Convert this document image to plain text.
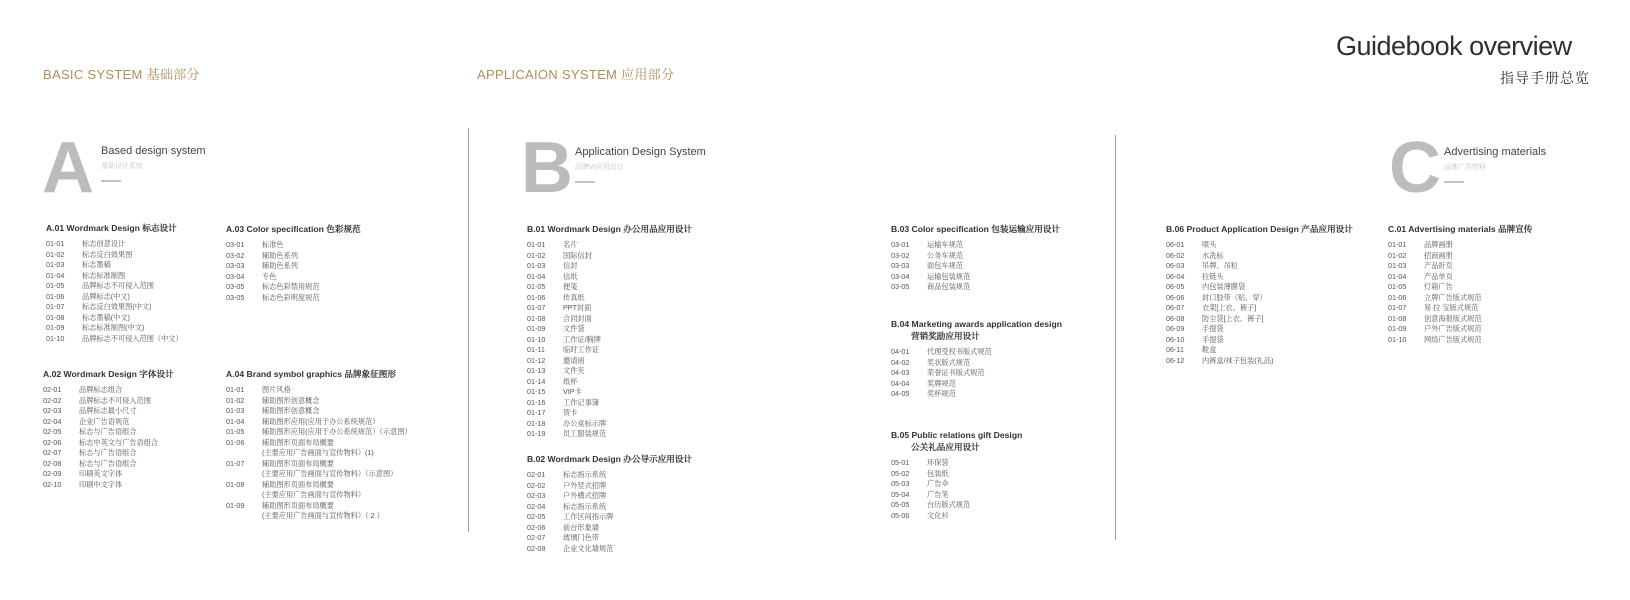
BASIC SYSTEM 基础部分	APPLICAION SYSTEM 应用部分
Guidebook overview
指导手册总览
A Based design system
基础设计系统	B Application Design System
品牌VI应用设计	C Advertising materials
品牌广告物料
A.01 Wordmark Design 标志设计
01-01 标志创意设计
01-02 标志反白效果图
01-03 标志墨稿
01-04 标志标准制图
01-05 品牌标志不可侵入范围
01-06 品牌标志(中文)
01-07 标志反白效果图(中文)
01-08 标志墨稿(中文)
01-09 标志标准制图(中文)
01-10 品牌标志不可侵入范围（中文）
A.03 Color specification 色彩规范
03-01 标准色
03-02 辅助色系列
03-03 辅助色系列
03-04 专色
03-05 标志色彩禁用规范
03-05 标志色彩明度规范
A.02 Wordmark Design 字体设计
02-01 品牌标志组合
02-02 品牌标志不可侵入范围
02-03 品牌标志最小尺寸
02-04 企业广告语规范
02-05 标志与广告语组合
02-06 标志中英文与广告语组合
02-07 标志与广告语组合
02-08 标志与广告语组合
02-09 印刷英文字体
02-10 印刷中文字体
A.04 Brand symbol graphics 品牌象征图形
01-01 图片风格
01-02 辅助图形创意概念
01-03 辅助图形创意概念
01-04 辅助图形应用(应用于办公系统规范）
01-05 辅助图形应用(应用于办公系统规范）（示意图）
01-06 辅助图形页面布局概要
(主要应用广告画面与宣传物料）(1)
01-07 辅助图形页面布局概要
(主要应用广告画面与宣传物料）（示意图）
01-08 辅助图形页面布局概要
(主要应用广告画面与宣传物料）
01-09 辅助图形页面布局概要
(主要应用广告画面与宣传物料）（ 2 ）
B.01 Wordmark Design 办公用品应用设计
01-01 名片
01-02 国际信封
01-03 信封
01-04 信纸
01-05 便笺
01-06 传真纸
01-07 PPT封面
01-08 合同封面
01-09 文件袋
01-10 工作证/胸牌
01-11	临时工作证
01-12 邀请函
01-13 文件夹
01-14 纸杯
01-15 VIP卡
01-16 工作记事簿
01-17 贺卡
01-18 办公桌标示牌
01-19 员工服装规范
B.02 Wordmark Design 办公导示应用设计
02-01 标志指示系统
02-02 户外竖式招牌
02-03 户外横式招牌
02-04 标志指示系统
02-05 工作区间指示牌
02-06 前台形象墙
02-07 玻璃门色带
02-08 企业文化墙规范
B.03 Color specification 包装运输应用设计
03-01 运输车规范
03-02 公务车规范
03-03 面包车规范
03-04 运输包装规范
03-05 商品包装规范
B.04 Marketing awards application design
营销奖励应用设计
04-01 代理受权书版式规范
04-02 奖状版式规范
04-03 荣誉证书版式规范
04-04 奖牌规范
04-05 奖杯规范
B.05 Public relations gift Design
公关礼品应用设计
05-01 环保袋
05-02 包装纸
05-03 广告伞
05-04 广告笔
05-05 台历版式规范
05-06 文化衫
B.06 Product Application Design 产品应用设计
06-01 喷头
06-02 水洗标
06-03 吊牌、吊粒
06-04 拉链头
06-05 内包装薄膜袋
06-06 封口胶带（贴、穿）
06-07 衣架[上衣、裤子]
06-08 防尘袋[上衣、裤子]
06-09 手提袋
06-10 手提袋
06-11	鞋盒
06-12 内裤盒/袜子包装(礼品)
C.01 Advertising materials 品牌宣传
01-01 品牌画册
01-02 招商画册
01-03 产品折页
01-04 产品单页
01-05 灯箱广告
01-06 立牌广告版式规范
01-07 易 拉 宝版式规范
01-08 创意海报版式规范
01-09 户外广告版式规范
01-10 网络广告版式规范
